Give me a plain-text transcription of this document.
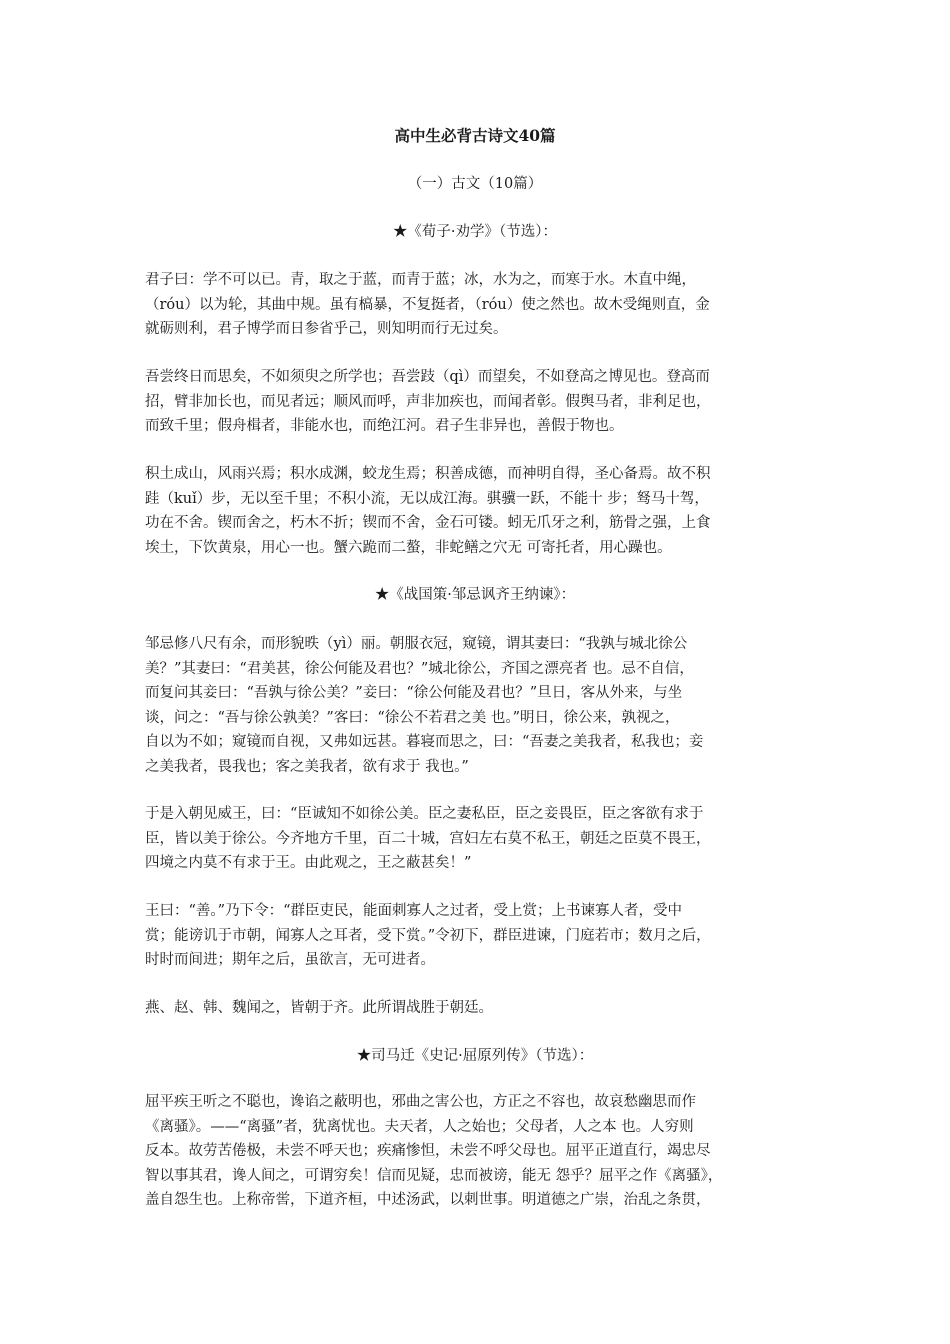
高中生必背古诗文40篇
（一）古文（10篇）
★《荀子·劝学》（节选）：
君子曰：学不可以已。青，取之于蓝，而青于蓝；冰，水为之，而寒于水。木直中绳，
（róu）以为轮，其曲中规。虽有槁暴，不复挺者，（róu）使之然也。故木受绳则直，金
就砺则利，君子博学而日参省乎己，则知明而行无过矣。
吾尝终日而思矣，不如须臾之所学也；吾尝跂（qì）而望矣，不如登高之博见也。登高而
招，臂非加长也，而见者远；顺风而呼，声非加疾也，而闻者彰。假舆马者，非利足也，
而致千里；假舟楫者，非能水也，而绝江河。君子生非异也，善假于物也。
积土成山，风雨兴焉；积水成渊，蛟龙生焉；积善成德，而神明自得，圣心备焉。故不积
跬（kuǐ）步，无以至千里；不积小流，无以成江海。骐骥一跃，不能十 步；驽马十驾，
功在不舍。锲而舍之，朽木不折；锲而不舍，金石可镂。蚓无爪牙之利，筋骨之强，上食
埃土，下饮黄泉，用心一也。蟹六跪而二螯，非蛇鳝之穴无 可寄托者，用心躁也。
★《战国策·邹忌讽齐王纳谏》：
邹忌修八尺有余，而形貌昳（yì）丽。朝服衣冠，窥镜，谓其妻曰：“我孰与城北徐公
美？”其妻曰：“君美甚，徐公何能及君也？”城北徐公，齐国之漂亮者 也。忌不自信，
而复问其妾曰：“吾孰与徐公美？”妾曰：“徐公何能及君也？”旦日，客从外来，与坐
谈，问之：“吾与徐公孰美？”客曰：“徐公不若君之美 也。”明日，徐公来，孰视之，
自以为不如；窥镜而自视，又弗如远甚。暮寝而思之，曰：“吾妻之美我者，私我也；妾
之美我者，畏我也；客之美我者，欲有求于 我也。”
于是入朝见威王，曰：“臣诚知不如徐公美。臣之妻私臣，臣之妾畏臣，臣之客欲有求于
臣，皆以美于徐公。今齐地方千里，百二十城，宫妇左右莫不私王，朝廷之臣莫不畏王，
四境之内莫不有求于王。由此观之，王之蔽甚矣！”
王曰：“善。”乃下令：“群臣吏民，能面刺寡人之过者，受上赏；上书谏寡人者，受中
赏；能谤讥于市朝，闻寡人之耳者，受下赏。”令初下，群臣进谏，门庭若市；数月之后，
时时而间进；期年之后，虽欲言，无可进者。
燕、赵、韩、魏闻之，皆朝于齐。此所谓战胜于朝廷。
★司马迁《史记·屈原列传》（节选）：
屈平疾王听之不聪也，谗谄之蔽明也，邪曲之害公也，方正之不容也，故哀愁幽思而作
《离骚》。——“离骚”者，犹离忧也。夫天者，人之始也；父母者，人之本 也。人穷则
反本。故劳苦倦极，未尝不呼天也；疾痛惨怛，未尝不呼父母也。屈平正道直行，竭忠尽
智以事其君，谗人间之，可谓穷矣！信而见疑，忠而被谤，能无 怨乎？屈平之作《离骚》，
盖自怨生也。上称帝喾，下道齐桓，中述汤武，以刺世事。明道德之广崇，治乱之条贯，
